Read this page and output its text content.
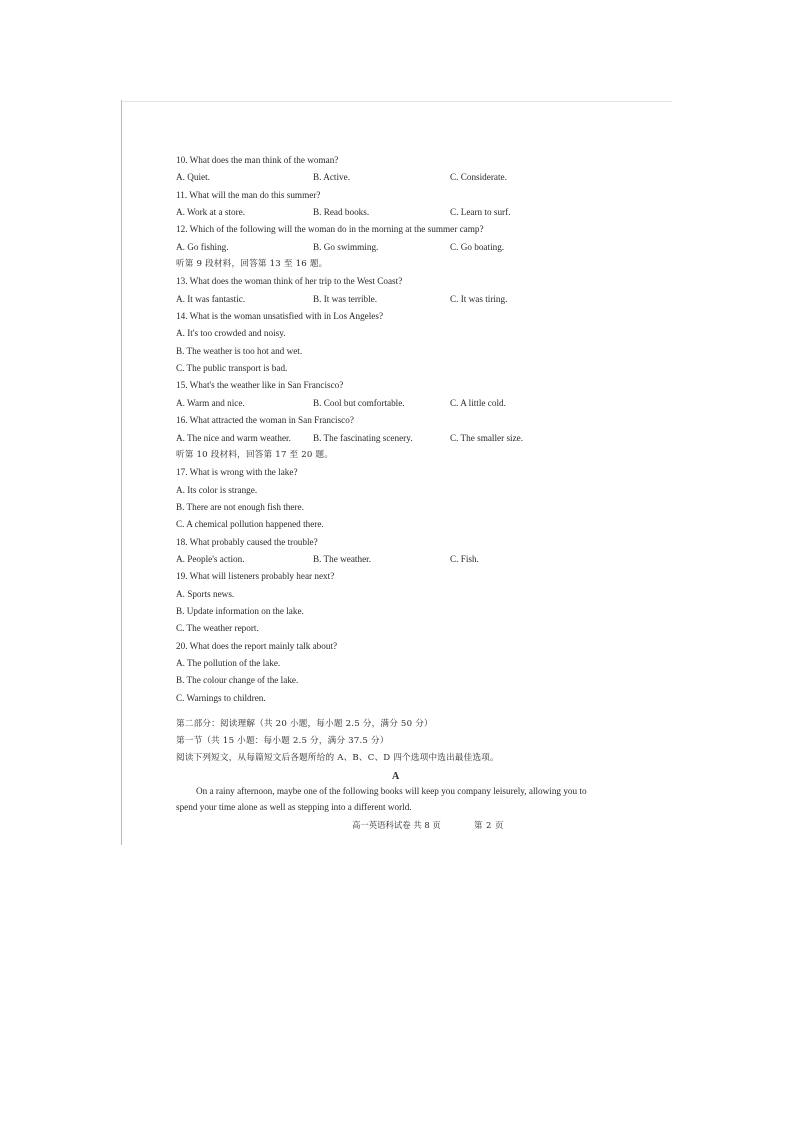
10. What does the man think of the woman?
A. Quiet.	B. Active.	C. Considerate.
11. What will the man do this summer?
A. Work at a store.	B. Read books.	C. Learn to surf.
12. Which of the following will the woman do in the morning at the summer camp?
A. Go fishing.	B. Go swimming.	C. Go boating.
听第 9 段材料，回答第 13 至 16 题。
13. What does the woman think of her trip to the West Coast?
A. It was fantastic.	B. It was terrible.	C. It was tiring.
14. What is the woman unsatisfied with in Los Angeles?
A. It's too crowded and noisy.
B. The weather is too hot and wet.
C. The public transport is bad.
15. What's the weather like in San Francisco?
A. Warm and nice.	B. Cool but comfortable.	C. A little cold.
16. What attracted the woman in San Francisco?
A. The nice and warm weather. B. The fascinating scenery.	C. The smaller size.
听第 10 段材料，回答第 17 至 20 题。
17. What is wrong with the lake?
A. Its color is strange.
B. There are not enough fish there.
C. A chemical pollution happened there.
18. What probably caused the trouble?
A. People's action.	B. The weather.	C. Fish.
19. What will listeners probably hear next?
A. Sports news.
B. Update information on the lake.
C. The weather report.
20. What does the report mainly talk about?
A. The pollution of the lake.
B. The colour change of the lake.
C. Warnings to children.
第二部分：阅读理解（共 20 小题，每小题 2.5 分，满分 50 分）
第一节（共 15 小题：每小题 2.5 分，满分 37.5 分）
阅读下列短文，从每篇短文后各题所给的 A、B、C、D 四个选项中选出最佳选项。
A
On a rainy afternoon, maybe one of the following books will keep you company leisurely, allowing you to
spend your time alone as well as stepping into a different world.
高一英语科试卷 共 8 页	第 2 页
